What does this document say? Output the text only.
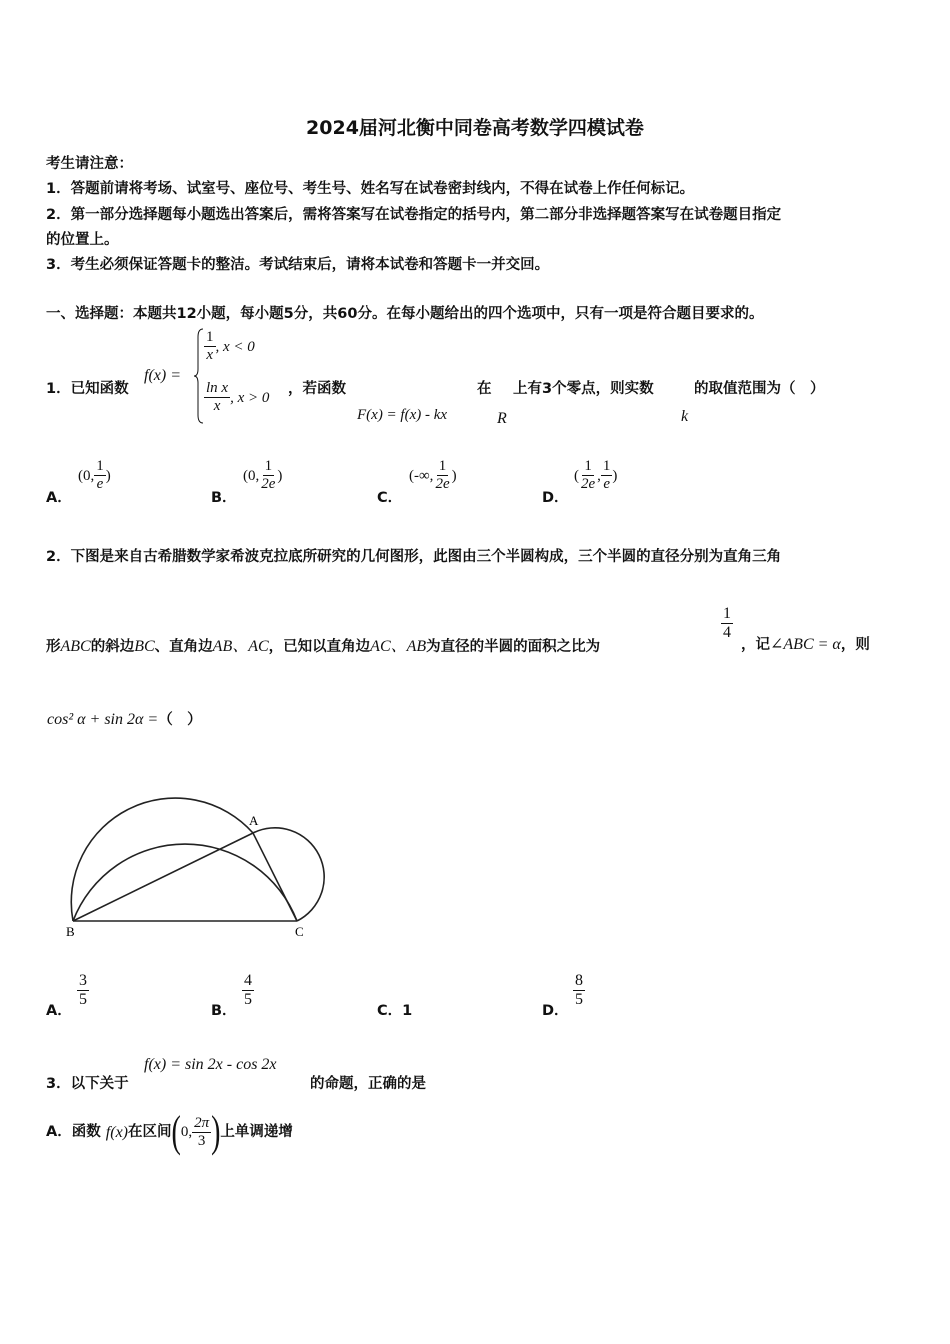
2024届河北衡中同卷高考数学四模试卷
考生请注意：
1．答题前请将考场、试室号、座位号、考生号、姓名写在试卷密封线内，不得在试卷上作任何标记。
2．第一部分选择题每小题选出答案后，需将答案写在试卷指定的括号内，第二部分非选择题答案写在试卷题目指定
的位置上。
3．考生必须保证答题卡的整洁。考试结束后，请将本试卷和答题卡一并交回。
一、选择题：本题共12小题，每小题5分，共60分。在每小题给出的四个选项中，只有一项是符合题目要求的。
1．已知函数
f(x) =
$\frac{1}{x}$ , x < 0
$\frac{\text{ln x}}{x}$ , x > 0
，若函数
F(x) = f(x) - kx
在
R
上有3个零点，则实数
k
的取值范围为（　）
A．
(0, $\frac{1}{e}$ )
B．
(0, $\frac{1}{2e}$ )
C．
(-∞, $\frac{1}{2e}$ )
D．
( $\frac{1}{2e}$ , $\frac{1}{e}$ )
2．下图是来自古希腊数学家希波克拉底所研究的几何图形，此图由三个半圆构成，三个半圆的直径分别为直角三角
形ABC的斜边BC、直角边AB、AC，已知以直角边AC、AB为直径的半圆的面积之比为
$\frac{1}{4}$
，记∠ABC = α，则
cos² α + sin 2α =（　）
A
B	C
A．
$\frac{3}{5}$
B．
$\frac{4}{5}$
C．1	D．
$\frac{8}{5}$
3．以下关于
f(x) = sin 2x - cos 2x
的命题，正确的是
A．函数 f(x)在区间(0, $\frac{2\pi}{3}$ )上单调递增
